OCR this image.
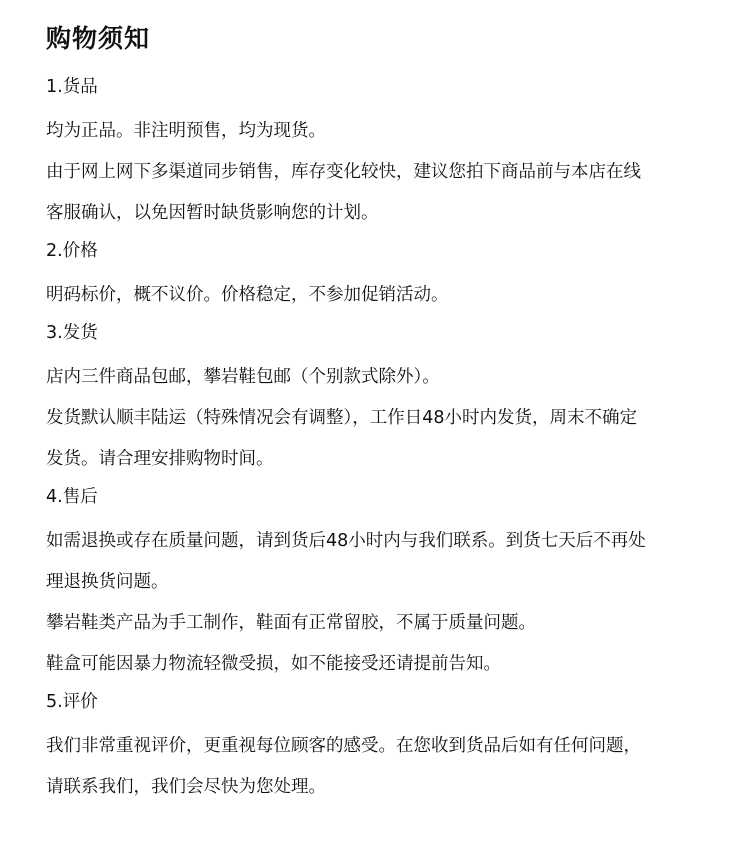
购物须知
1.货品
均为正品。非注明预售，均为现货。
由于网上网下多渠道同步销售，库存变化较快，建议您拍下商品前与本店在线
客服确认，以免因暂时缺货影响您的计划。
2.价格
明码标价，概不议价。价格稳定，不参加促销活动。
3.发货
店内三件商品包邮，攀岩鞋包邮（个别款式除外）。
发货默认顺丰陆运（特殊情况会有调整），工作日48小时内发货，周末不确定
发货。请合理安排购物时间。
4.售后
如需退换或存在质量问题，请到货后48小时内与我们联系。到货七天后不再处
理退换货问题。
攀岩鞋类产品为手工制作，鞋面有正常留胶，不属于质量问题。
鞋盒可能因暴力物流轻微受损，如不能接受还请提前告知。
5.评价
我们非常重视评价，更重视每位顾客的感受。在您收到货品后如有任何问题，
请联系我们，我们会尽快为您处理。
